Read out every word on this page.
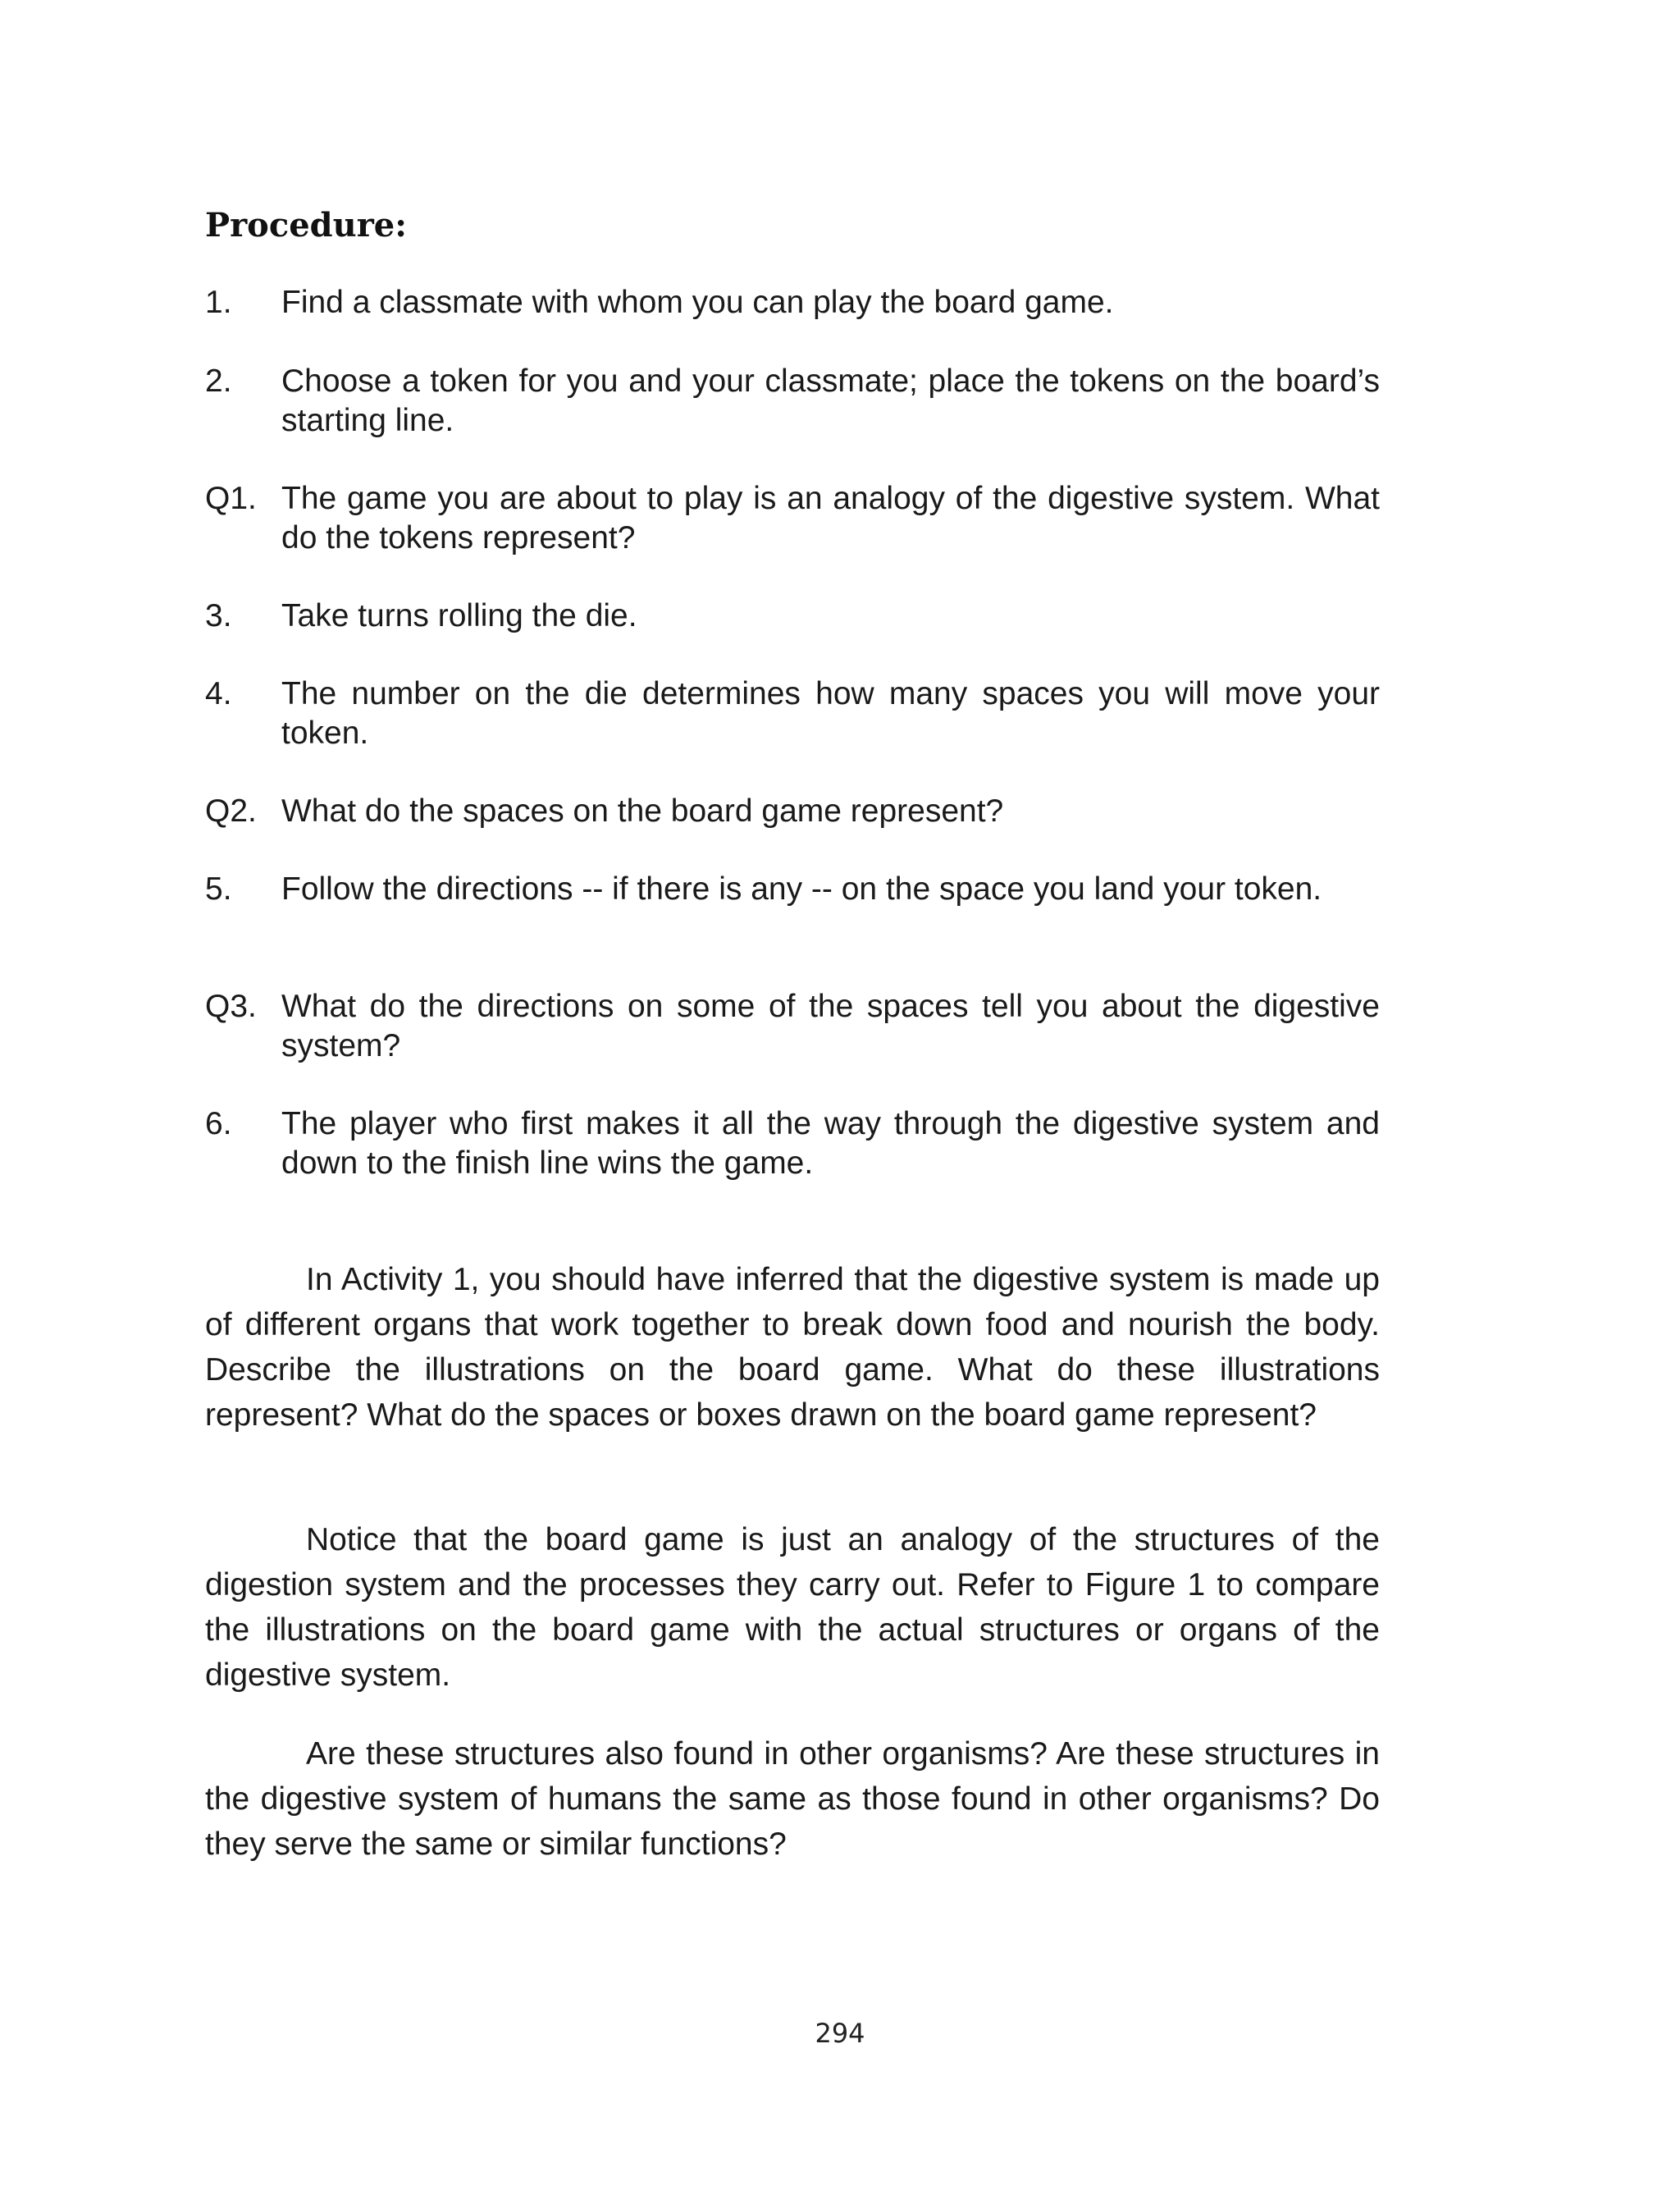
Procedure:
1. Find a classmate with whom you can play the board game.
2. Choose a token for you and your classmate; place the tokens on the board’s starting line.
Q1. The game you are about to play is an analogy of the digestive system. What do the tokens represent?
3. Take turns rolling the die.
4. The number on the die determines how many spaces you will move your token.
Q2. What do the spaces on the board game represent?
5. Follow the directions -- if there is any -- on the space you land your token.
Q3. What do the directions on some of the spaces tell you about the digestive system?
6. The player who first makes it all the way through the digestive system and down to the finish line wins the game.

In Activity 1, you should have inferred that the digestive system is made up of different organs that work together to break down food and nourish the body. Describe the illustrations on the board game. What do these illustrations represent? What do the spaces or boxes drawn on the board game represent?

Notice that the board game is just an analogy of the structures of the digestion system and the processes they carry out. Refer to Figure 1 to compare the illustrations on the board game with the actual structures or organs of the digestive system.

Are these structures also found in other organisms? Are these structures in the digestive system of humans the same as those found in other organisms? Do they serve the same or similar functions?

294
